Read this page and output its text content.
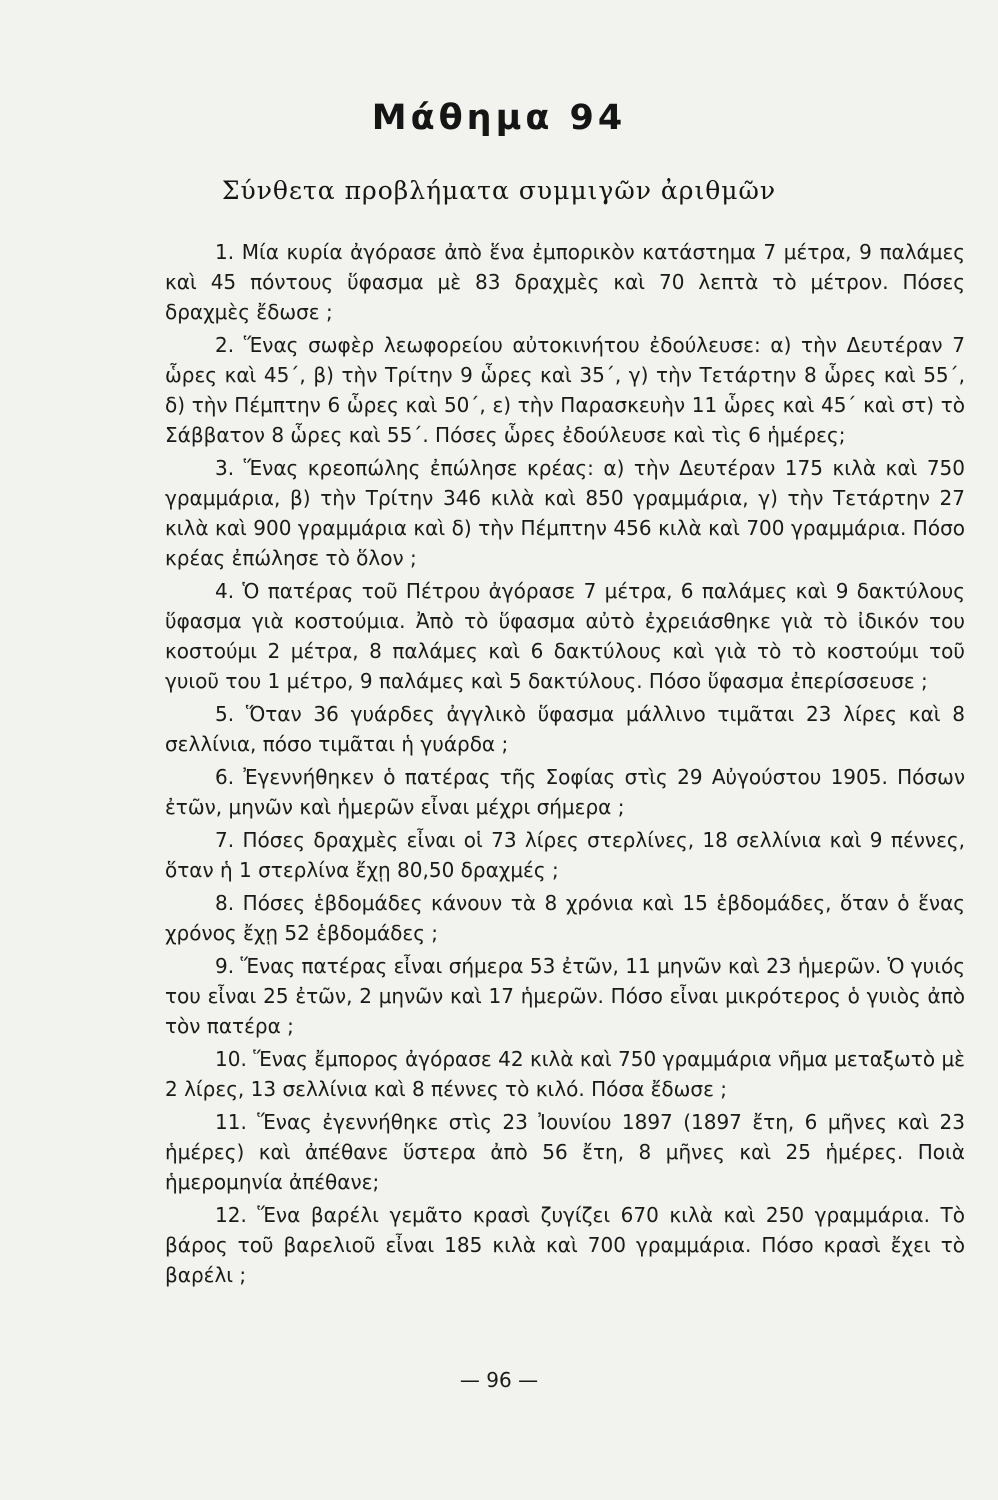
Μάθημα 94
Σύνθετα προβλήματα συμμιγῶν ἀριθμῶν

1. Μία κυρία ἀγόρασε ἀπὸ ἕνα ἐμπορικὸν κατάστημα 7 μέτρα, 9 παλάμες καὶ 45 πόντους ὕφασμα μὲ 83 δραχμὲς καὶ 70 λεπτὰ τὸ μέτρον. Πόσες δραχμὲς ἔδωσε ;

2. Ἕνας σωφὲρ λεωφορείου αὐτοκινήτου ἐδούλευσε: α) τὴν Δευτέραν 7 ὧρες καὶ 45΄, β) τὴν Τρίτην 9 ὧρες καὶ 35΄, γ) τὴν Τετάρτην 8 ὧρες καὶ 55΄, δ) τὴν Πέμπτην 6 ὧρες καὶ 50΄, ε) τὴν Παρασκευὴν 11 ὧρες καὶ 45΄ καὶ στ) τὸ Σάββατον 8 ὧρες καὶ 55΄. Πόσες ὧρες ἐδούλευσε καὶ τὶς 6 ἡμέρες;

3. Ἕνας κρεοπώλης ἐπώλησε κρέας: α) τὴν Δευτέραν 175 κιλὰ καὶ 750 γραμμάρια, β) τὴν Τρίτην 346 κιλὰ καὶ 850 γραμμάρια, γ) τὴν Τετάρτην 27 κιλὰ καὶ 900 γραμμάρια καὶ δ) τὴν Πέμπτην 456 κιλὰ καὶ 700 γραμμάρια. Πόσο κρέας ἐπώλησε τὸ ὅλον ;

4. Ὁ πατέρας τοῦ Πέτρου ἀγόρασε 7 μέτρα, 6 παλάμες καὶ 9 δακτύλους ὕφασμα γιὰ κοστούμια. Ἀπὸ τὸ ὕφασμα αὐτὸ ἐχρειάσθηκε γιὰ τὸ ἰδικόν του κοστούμι 2 μέτρα, 8 παλάμες καὶ 6 δακτύλους καὶ γιὰ τὸ τὸ κοστούμι τοῦ γυιοῦ του 1 μέτρο, 9 παλάμες καὶ 5 δακτύλους. Πόσο ὕφασμα ἐπερίσσευσε ;

5. Ὅταν 36 γυάρδες ἀγγλικὸ ὕφασμα μάλλινο τιμᾶται 23 λίρες καὶ 8 σελλίνια, πόσο τιμᾶται ἡ γυάρδα ;

6. Ἐγεννήθηκεν ὁ πατέρας τῆς Σοφίας στὶς 29 Αὐγούστου 1905. Πόσων ἐτῶν, μηνῶν καὶ ἡμερῶν εἶναι μέχρι σήμερα ;

7. Πόσες δραχμὲς εἶναι οἱ 73 λίρες στερλίνες, 18 σελλίνια καὶ 9 πέννες, ὅταν ἡ 1 στερλίνα ἔχῃ 80,50 δραχμές ;

8. Πόσες ἑβδομάδες κάνουν τὰ 8 χρόνια καὶ 15 ἑβδομάδες, ὅταν ὁ ἕνας χρόνος ἔχῃ 52 ἑβδομάδες ;

9. Ἕνας πατέρας εἶναι σήμερα 53 ἐτῶν, 11 μηνῶν καὶ 23 ἡμερῶν. Ὁ γυιός του εἶναι 25 ἐτῶν, 2 μηνῶν καὶ 17 ἡμερῶν. Πόσο εἶναι μικρότερος ὁ γυιὸς ἀπὸ τὸν πατέρα ;

10. Ἕνας ἔμπορος ἀγόρασε 42 κιλὰ καὶ 750 γραμμάρια νῆμα μεταξωτὸ μὲ 2 λίρες, 13 σελλίνια καὶ 8 πέννες τὸ κιλό. Πόσα ἔδωσε ;

11. Ἕνας ἐγεννήθηκε στὶς 23 Ἰουνίου 1897 (1897 ἔτη, 6 μῆνες καὶ 23 ἡμέρες) καὶ ἀπέθανε ὕστερα ἀπὸ 56 ἔτη, 8 μῆνες καὶ 25 ἡμέρες. Ποιὰ ἡμερομηνία ἀπέθανε;

12. Ἕνα βαρέλι γεμᾶτο κρασὶ ζυγίζει 670 κιλὰ καὶ 250 γραμμάρια. Τὸ βάρος τοῦ βαρελιοῦ εἶναι 185 κιλὰ καὶ 700 γραμμάρια. Πόσο κρασὶ ἔχει τὸ βαρέλι ;

— 96 —
